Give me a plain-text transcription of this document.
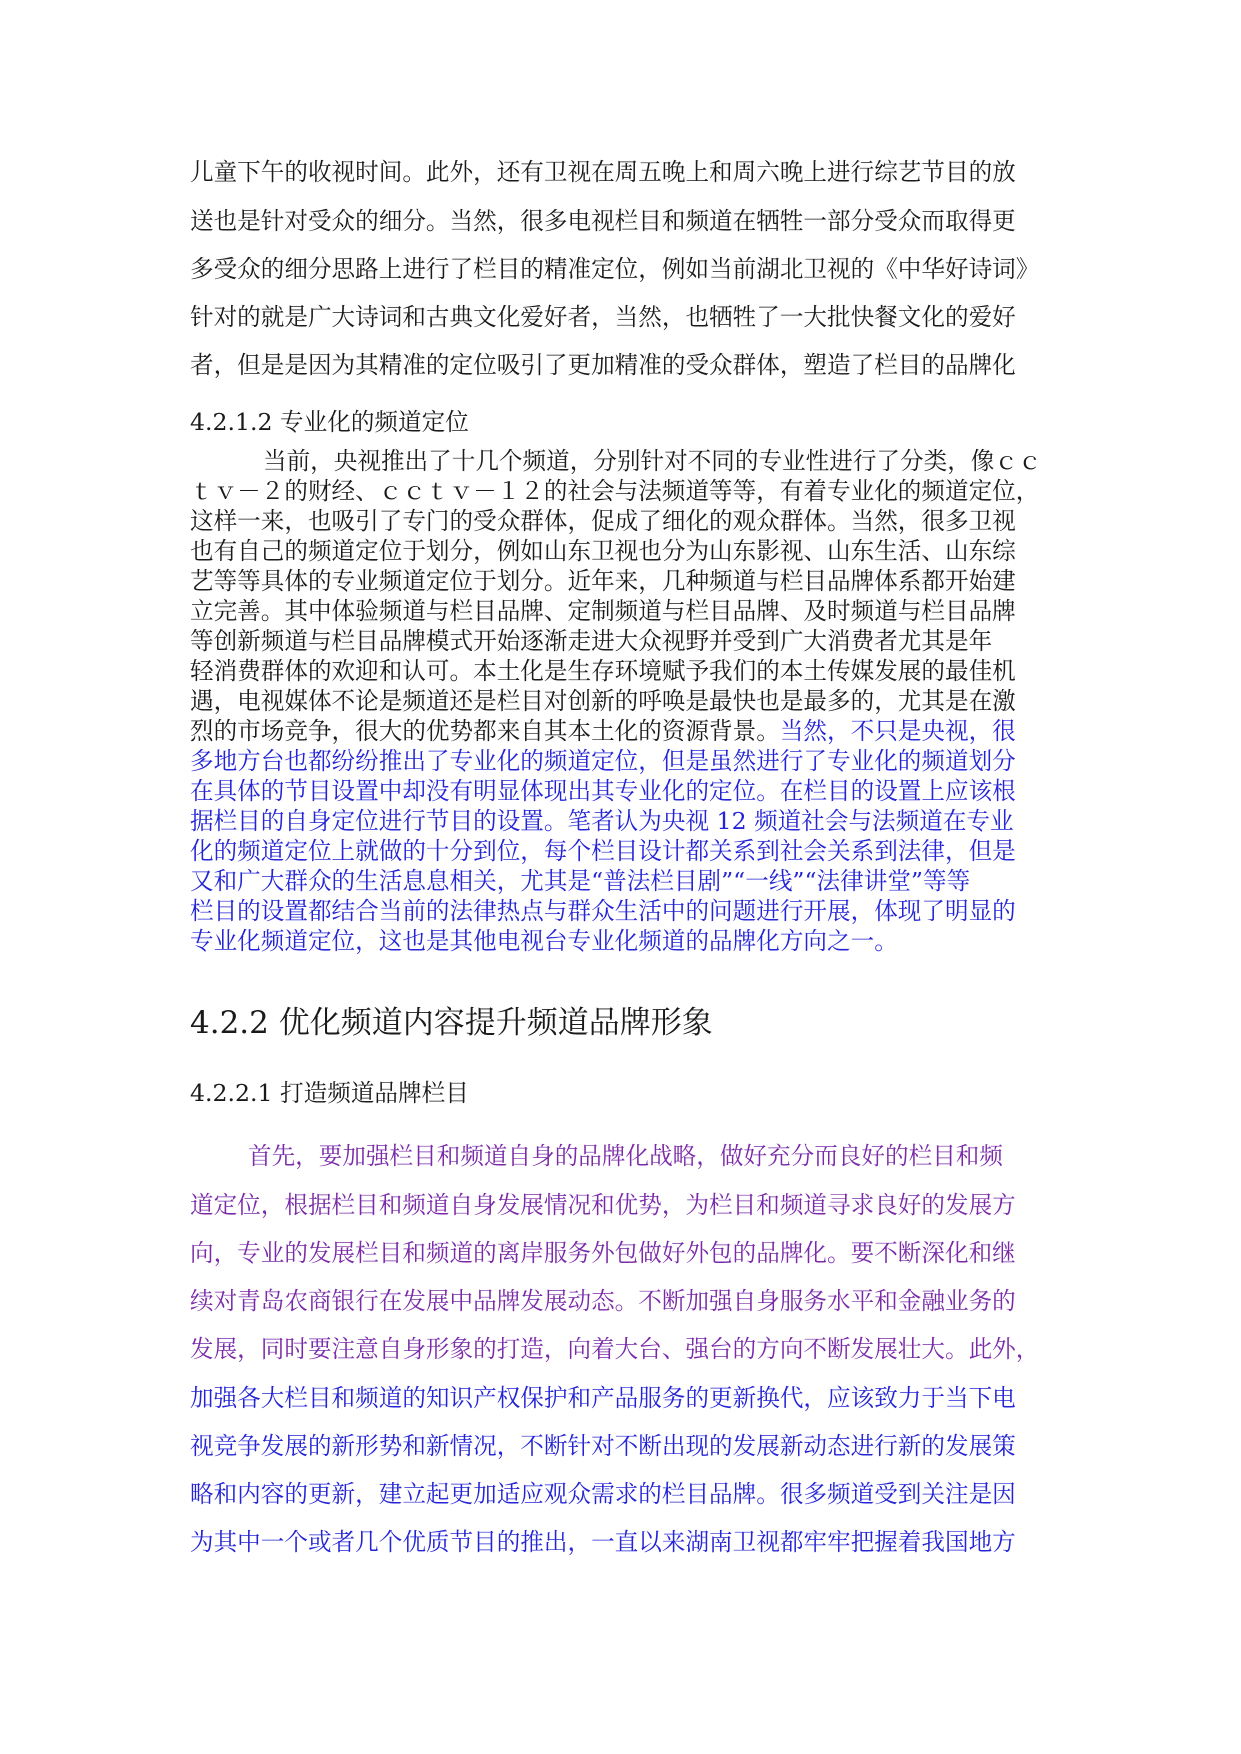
儿童下午的收视时间。此外，还有卫视在周五晚上和周六晚上进行综艺节目的放
送也是针对受众的细分。当然，很多电视栏目和频道在牺牲一部分受众而取得更
多受众的细分思路上进行了栏目的精准定位，例如当前湖北卫视的《中华好诗词》
针对的就是广大诗词和古典文化爱好者，当然，也牺牲了一大批快餐文化的爱好
者，但是是因为其精准的定位吸引了更加精准的受众群体，塑造了栏目的品牌化
4.2.1.2 专业化的频道定位
当前，央视推出了十几个频道，分别针对不同的专业性进行了分类，像ｃｃ
ｔｖ－２的财经、ｃｃｔｖ－１２的社会与法频道等等，有着专业化的频道定位，
这样一来，也吸引了专门的受众群体，促成了细化的观众群体。当然，很多卫视
也有自己的频道定位于划分，例如山东卫视也分为山东影视、山东生活、山东综
艺等等具体的专业频道定位于划分。近年来，几种频道与栏目品牌体系都开始建
立完善。其中体验频道与栏目品牌、定制频道与栏目品牌、及时频道与栏目品牌
等创新频道与栏目品牌模式开始逐渐走进大众视野并受到广大消费者尤其是年
轻消费群体的欢迎和认可。本土化是生存环境赋予我们的本土传媒发展的最佳机
遇，电视媒体不论是频道还是栏目对创新的呼唤是最快也是最多的，尤其是在激
烈的市场竞争，很大的优势都来自其本土化的资源背景。当然，不只是央视，很
多地方台也都纷纷推出了专业化的频道定位，但是虽然进行了专业化的频道划分
在具体的节目设置中却没有明显体现出其专业化的定位。在栏目的设置上应该根
据栏目的自身定位进行节目的设置。笔者认为央视 12 频道社会与法频道在专业
化的频道定位上就做的十分到位，每个栏目设计都关系到社会关系到法律，但是
又和广大群众的生活息息相关，尤其是“普法栏目剧”“一线”“法律讲堂”等等
栏目的设置都结合当前的法律热点与群众生活中的问题进行开展，体现了明显的
专业化频道定位，这也是其他电视台专业化频道的品牌化方向之一。
4.2.2 优化频道内容提升频道品牌形象
4.2.2.1 打造频道品牌栏目
首先，要加强栏目和频道自身的品牌化战略，做好充分而良好的栏目和频
道定位，根据栏目和频道自身发展情况和优势，为栏目和频道寻求良好的发展方
向，专业的发展栏目和频道的离岸服务外包做好外包的品牌化。要不断深化和继
续对青岛农商银行在发展中品牌发展动态。不断加强自身服务水平和金融业务的
发展，同时要注意自身形象的打造，向着大台、强台的方向不断发展壮大。此外，
加强各大栏目和频道的知识产权保护和产品服务的更新换代，应该致力于当下电
视竞争发展的新形势和新情况，不断针对不断出现的发展新动态进行新的发展策
略和内容的更新，建立起更加适应观众需求的栏目品牌。很多频道受到关注是因
为其中一个或者几个优质节目的推出，一直以来湖南卫视都牢牢把握着我国地方
